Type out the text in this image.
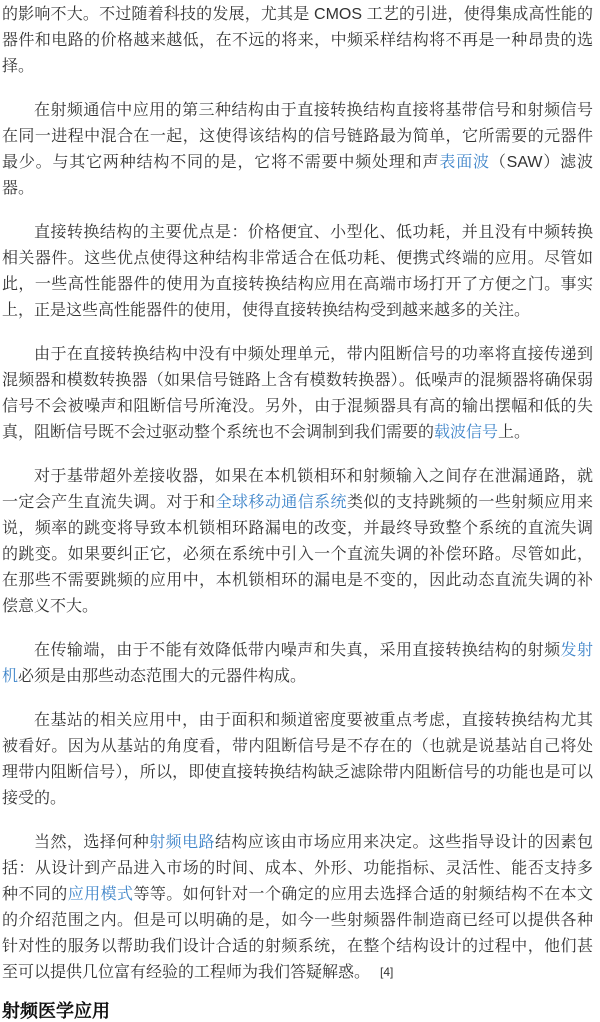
的影响不大。不过随着科技的发展，尤其是 CMOS 工艺的引进，使得集成高性能的器件和电路的价格越来越低，在不远的将来，中频采样结构将不再是一种昂贵的选择。

在射频通信中应用的第三种结构由于直接转换结构直接将基带信号和射频信号在同一进程中混合在一起，这使得该结构的信号链路最为简单，它所需要的元器件最少。与其它两种结构不同的是，它将不需要中频处理和声表面波（SAW）滤波器。

直接转换结构的主要优点是：价格便宜、小型化、低功耗，并且没有中频转换相关器件。这些优点使得这种结构非常适合在低功耗、便携式终端的应用。尽管如此，一些高性能器件的使用为直接转换结构应用在高端市场打开了方便之门。事实上，正是这些高性能器件的使用，使得直接转换结构受到越来越多的关注。

由于在直接转换结构中没有中频处理单元，带内阻断信号的功率将直接传递到混频器和模数转换器（如果信号链路上含有模数转换器）。低噪声的混频器将确保弱信号不会被噪声和阻断信号所淹没。另外，由于混频器具有高的输出摆幅和低的失真，阻断信号既不会过驱动整个系统也不会调制到我们需要的载波信号上。

对于基带超外差接收器，如果在本机锁相环和射频输入之间存在泄漏通路，就一定会产生直流失调。对于和全球移动通信系统类似的支持跳频的一些射频应用来说，频率的跳变将导致本机锁相环路漏电的改变，并最终导致整个系统的直流失调的跳变。如果要纠正它，必须在系统中引入一个直流失调的补偿环路。尽管如此，在那些不需要跳频的应用中，本机锁相环的漏电是不变的，因此动态直流失调的补偿意义不大。

在传输端，由于不能有效降低带内噪声和失真，采用直接转换结构的射频发射机必须是由那些动态范围大的元器件构成。

在基站的相关应用中，由于面积和频道密度要被重点考虑，直接转换结构尤其被看好。因为从基站的角度看，带内阻断信号是不存在的（也就是说基站自己将处理带内阻断信号），所以，即使直接转换结构缺乏滤除带内阻断信号的功能也是可以接受的。

当然，选择何种射频电路结构应该由市场应用来决定。这些指导设计的因素包括：从设计到产品进入市场的时间、成本、外形、功能指标、灵活性、能否支持多种不同的应用模式等等。如何针对一个确定的应用去选择合适的射频结构不在本文的介绍范围之内。但是可以明确的是，如今一些射频器件制造商已经可以提供各种针对性的服务以帮助我们设计合适的射频系统，在整个结构设计的过程中，他们甚至可以提供几位富有经验的工程师为我们答疑解惑。 [4]

射频医学应用
